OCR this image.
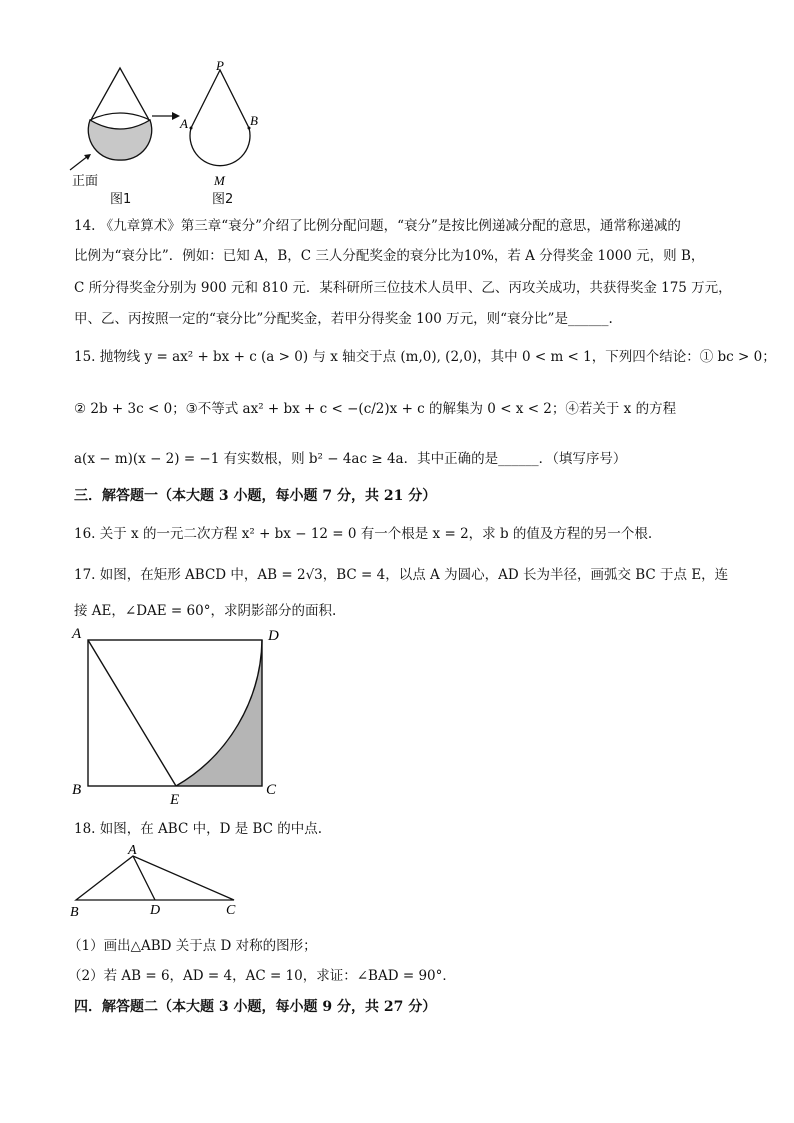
P
A	B
M
正面
图1	图2
14. 《九章算术》第三章“衰分”介绍了比例分配问题，“衰分”是按比例递减分配的意思，通常称递减的
比例为“衰分比”．例如：已知 A，B，C 三人分配奖金的衰分比为10%，若 A 分得奖金 1000 元，则 B，
C 所分得奖金分别为 900 元和 810 元．某科研所三位技术人员甲、乙、丙攻关成功，共获得奖金 175 万元，
甲、乙、丙按照一定的“衰分比”分配奖金，若甲分得奖金 100 万元，则“衰分比”是______.
15. 抛物线 y = ax² + bx + c (a > 0) 与 x 轴交于点 (m,0), (2,0)，其中 0 < m < 1，下列四个结论：① bc > 0；
② 2b + 3c < 0；③不等式 ax² + bx + c < −(c/2)x + c 的解集为 0 < x < 2；④若关于 x 的方程
a(x − m)(x − 2) = −1 有实数根，则 b² − 4ac ≥ 4a．其中正确的是______．（填写序号）
三．解答题一（本大题 3 小题，每小题 7 分，共 21 分）
16. 关于 x 的一元二次方程 x² + bx − 12 = 0 有一个根是 x = 2，求 b 的值及方程的另一个根.
17. 如图，在矩形 ABCD 中，AB = 2√3，BC = 4，以点 A 为圆心，AD 长为半径，画弧交 BC 于点 E，连
接 AE，∠DAE = 60°，求阴影部分的面积.
A	D
B
E
C
18. 如图，在 ABC 中，D 是 BC 的中点.
A
B	D	C
（1）画出△ABD 关于点 D 对称的图形；
（2）若 AB = 6，AD = 4，AC = 10，求证：∠BAD = 90°．
四．解答题二（本大题 3 小题，每小题 9 分，共 27 分）
